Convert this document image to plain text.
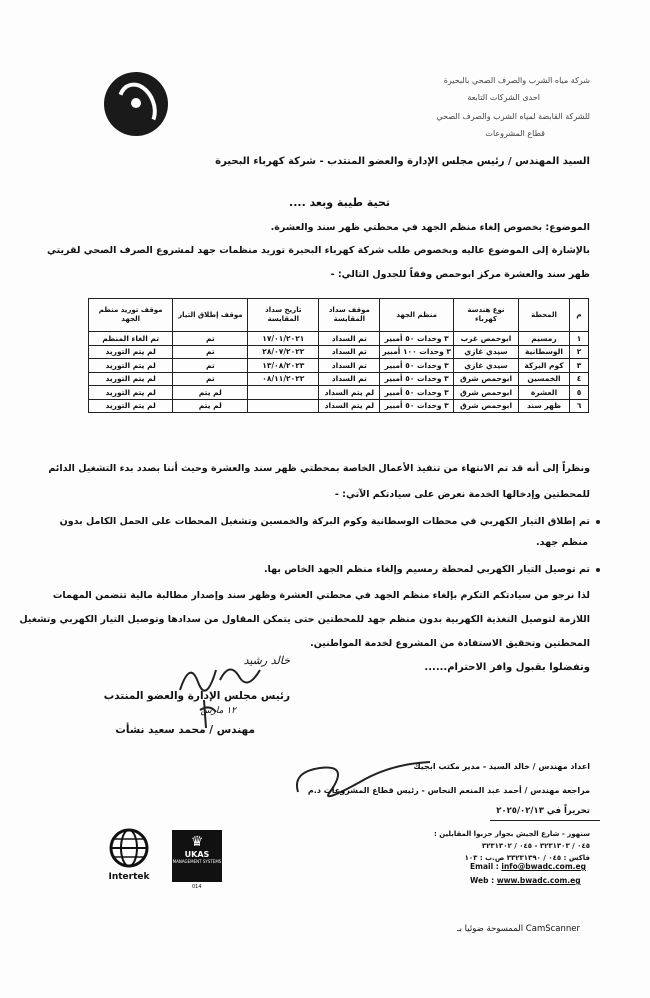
شركة مياه الشرب والصرف الصحي بالبحيرة
احدى الشركات التابعة
للشركة القابضة لمياه الشرب والصرف الصحي
قطاع المشروعات
السيد المهندس / رئيس مجلس الإدارة والعضو المنتدب - شركة كهرباء البحيرة
تحية طيبة وبعد ....
الموضوع: بخصوص إلغاء منظم الجهد في محطتي ظهر سند والعشرة.
بالإشارة إلى الموضوع عاليه وبخصوص طلب شركة كهرباء البحيرة توريد منظمات جهد لمشروع الصرف الصحي لقريتي
ظهر سند والعشرة مركز ابوحمص وفقاً للجدول التالي: -
م	المحطة	نوع هندسة كهرباء	منظم الجهد	موقف سداد المقايسة	تاريخ سداد المقايسة	موقف إطلاق التيار	موقف توريد منظم الجهد
١	رمسيم	ابوحمص غرب	٣ وحدات ٥٠ أمبير	تم السداد	١٧/٠١/٢٠٢١	تم	تم الغاء المنظم
٢	الوسطانية	سيدي غازي	٣ وحدات ١٠٠ أمبير	تم السداد	٢٨/٠٧/٢٠٢٢	تم	لم يتم التوريد
٣	كوم البركة	سيدي غازي	٣ وحدات ٥٠ أمبير	تم السداد	١٣/٠٨/٢٠٢٣	تم	لم يتم التوريد
٤	الخمسين	ابوحمص شرق	٣ وحدات ٥٠ أمبير	تم السداد	٠٨/١١/٢٠٢٢	تم	لم يتم التوريد
٥	العشرة	ابوحمص شرق	٣ وحدات ٥٠ أمبير	لم يتم السداد		لم يتم	لم يتم التوريد
٦	ظهر سند	ابوحمص شرق	٣ وحدات ٥٠ أمبير	لم يتم السداد		لم يتم	لم يتم التوريد
ونظراً إلى أنه قد تم الانتهاء من تنفيذ الأعمال الخاصة بمحطتي ظهر سند والعشرة وحيث أننا بصدد بدء التشغيل الدائم
للمحطتين وإدخالها الخدمة نعرض على سيادتكم الآتي: -
تم إطلاق التيار الكهربي في محطات الوسطانية وكوم البركة والخمسين وتشغيل المحطات على الحمل الكامل بدون
منظم جهد.
تم توصيل التيار الكهربي لمحطة رمسيم وإلغاء منظم الجهد الخاص بها.
لذا نرجو من سيادتكم التكرم بإلغاء منظم الجهد في محطتي العشرة وظهر سند وإصدار مطالبة مالية تتضمن المهمات
اللازمة لتوصيل التغذية الكهربية بدون منظم جهد للمحطتين حتى يتمكن المقاول من سدادها وتوصيل التيار الكهربي وتشغيل
المحطتين وتحقيق الاستفادة من المشروع لخدمة المواطنين.
وتفضلوا بقبول وافر الاحترام......
رئيس مجلس الإدارة والعضو المنتدب
مهندس / محمد سعيد نشأت
خالد رشيد
١٢ مارس
اعداد مهندس / خالد السيد - مدير مكتب ابجيك
مراجعة مهندس / أحمد عبد المنعم النحاس - رئيس قطاع المشروعات د.م
تحريراً في ٢٠٢٥/٠٢/١٣
سنهور - شارع الجيش بجوار حزبوا المقابلين :
٠٤٥ / ٣٢٣١٣٠٣ - ٠٤٥ / ٣٢٣١٣٠٢
فاكس : ٠٤٥ / ٣٣٢٣١٣٩٠ ص.ب : ١٠٣
Email : info@bwadc.com.eg
Web : www.bwadc.com.eg
Intertek
♛
UKAS
MANAGEMENT SYSTEMS
014
الممسوحة ضوئيا بـ CamScanner
